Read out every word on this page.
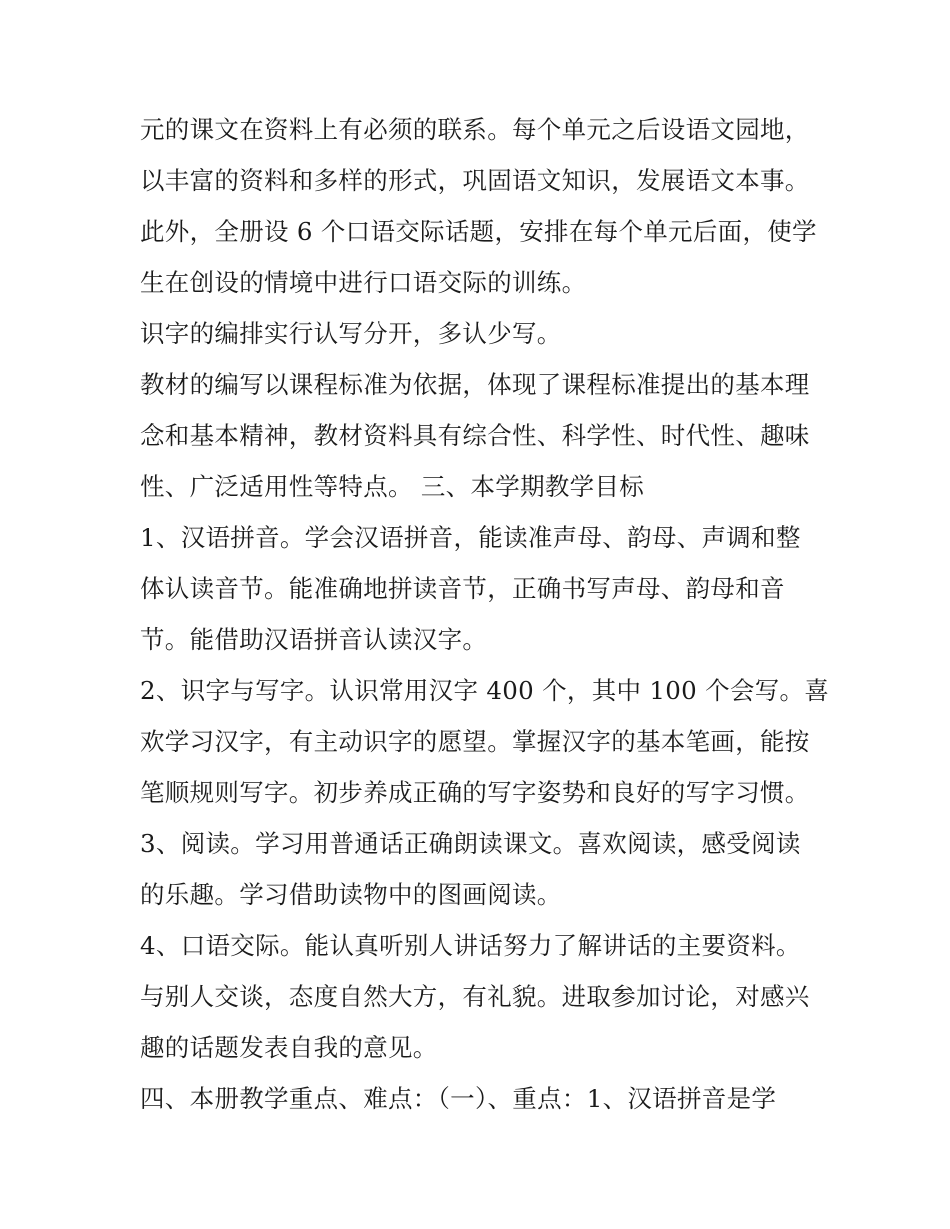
元的课文在资料上有必须的联系。每个单元之后设语文园地，
以丰富的资料和多样的形式，巩固语文知识，发展语文本事。
此外，全册设 6 个口语交际话题，安排在每个单元后面，使学
生在创设的情境中进行口语交际的训练。
识字的编排实行认写分开，多认少写。
教材的编写以课程标准为依据，体现了课程标准提出的基本理
念和基本精神，教材资料具有综合性、科学性、时代性、趣味
性、广泛适用性等特点。 三、本学期教学目标
1、汉语拼音。学会汉语拼音，能读准声母、韵母、声调和整
体认读音节。能准确地拼读音节，正确书写声母、韵母和音
节。能借助汉语拼音认读汉字。
2、识字与写字。认识常用汉字 400 个，其中 100 个会写。喜
欢学习汉字，有主动识字的愿望。掌握汉字的基本笔画，能按
笔顺规则写字。初步养成正确的写字姿势和良好的写字习惯。
3、阅读。学习用普通话正确朗读课文。喜欢阅读，感受阅读
的乐趣。学习借助读物中的图画阅读。
4、口语交际。能认真听别人讲话努力了解讲话的主要资料。
与别人交谈，态度自然大方，有礼貌。进取参加讨论，对感兴
趣的话题发表自我的意见。
四、本册教学重点、难点：（一）、重点：1、汉语拼音是学
